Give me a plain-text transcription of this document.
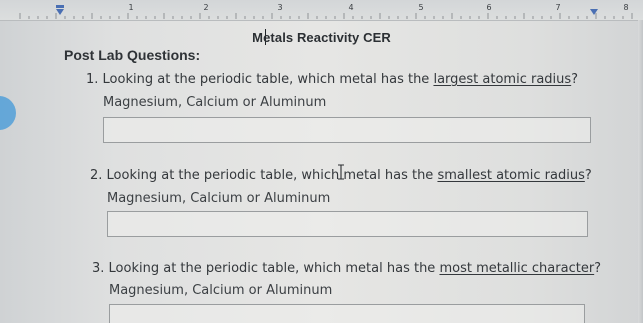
1	2	3	4	5	6	7	8
Metals Reactivity CER
Post Lab Questions:
1. Looking at the periodic table, which metal has the largest atomic radius?
Magnesium, Calcium or Aluminum
2. Looking at the periodic table, which metal has the smallest atomic radius?
Magnesium, Calcium or Aluminum
3. Looking at the periodic table, which metal has the most metallic character?
Magnesium, Calcium or Aluminum
